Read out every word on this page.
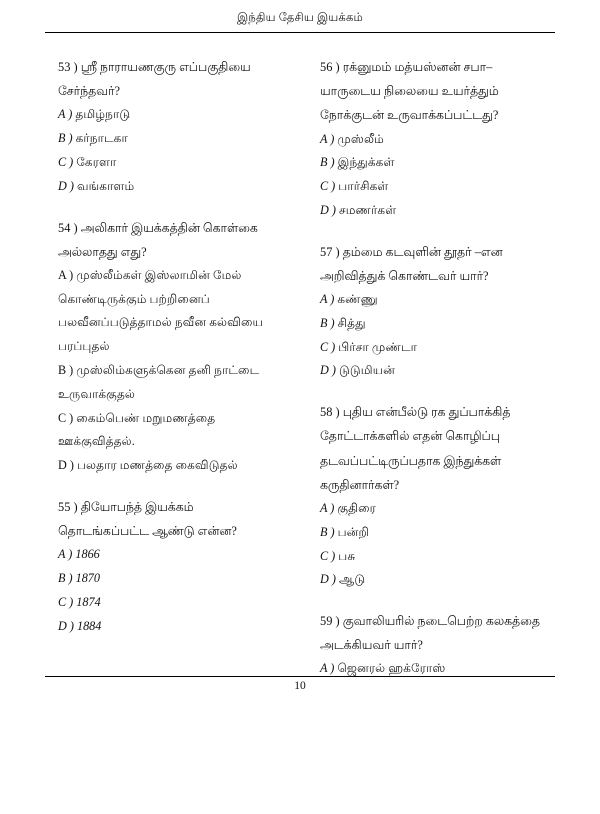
இந்திய தேசிய இயக்கம்
53 ) ஸ்ரீ நாராயணகுரு எப்பகுதியை சேர்ந்தவர்?
A ) தமிழ்நாடு
B ) கர்நாடகா
C ) கேரளா
D ) வங்காளம்
54 ) அலிகார் இயக்கத்தின் கொள்கை அல்லாதது எது?
A ) முஸ்லீம்கள் இஸ்லாமின் மேல் கொண்டிருக்கும் பற்றினைப் பலவீனப்படுத்தாமல் நவீன கல்வியை பரப்புதல்
B ) முஸ்லிம்களுக்கென தனி நாட்டை உருவாக்குதல்
C ) கைம்பெண் மறுமணத்தை ஊக்குவித்தல்.
D ) பலதார மணத்தை கைவிடுதல்
55 ) தியோபந்த் இயக்கம் தொடங்கப்பட்ட ஆண்டு என்ன?
A ) 1866
B ) 1870
C ) 1874
D ) 1884
56 ) ரக்னுமம் மத்யஸ்னன் சபா– யாருடைய நிலையை உயர்த்தும் நோக்குடன் உருவாக்கப்பட்டது?
A ) முஸ்லீம்
B ) இந்துக்கள்
C ) பார்சிகள்
D ) சமணர்கள்
57 ) தம்மை கடவுளின் தூதர் –என அறிவித்துக் கொண்டவர் யார்?
A ) கண்ணு
B ) சித்து
C ) பிர்சா முண்டா
D ) டுடுமியன்
58 ) புதிய என்பீல்டு ரக துப்பாக்கித் தோட்டாக்களில் எதன் கொழிப்பு தடவப்பட்டிருப்பதாக இந்துக்கள் கருதினார்கள்?
A ) குதிரை
B ) பன்றி
C ) பசு
D ) ஆடு
59 ) குவாலியரில் நடைபெற்ற கலகத்தை அடக்கியவர் யார்?
A ) ஜெனரல் ஹக்ரோஸ்
10
